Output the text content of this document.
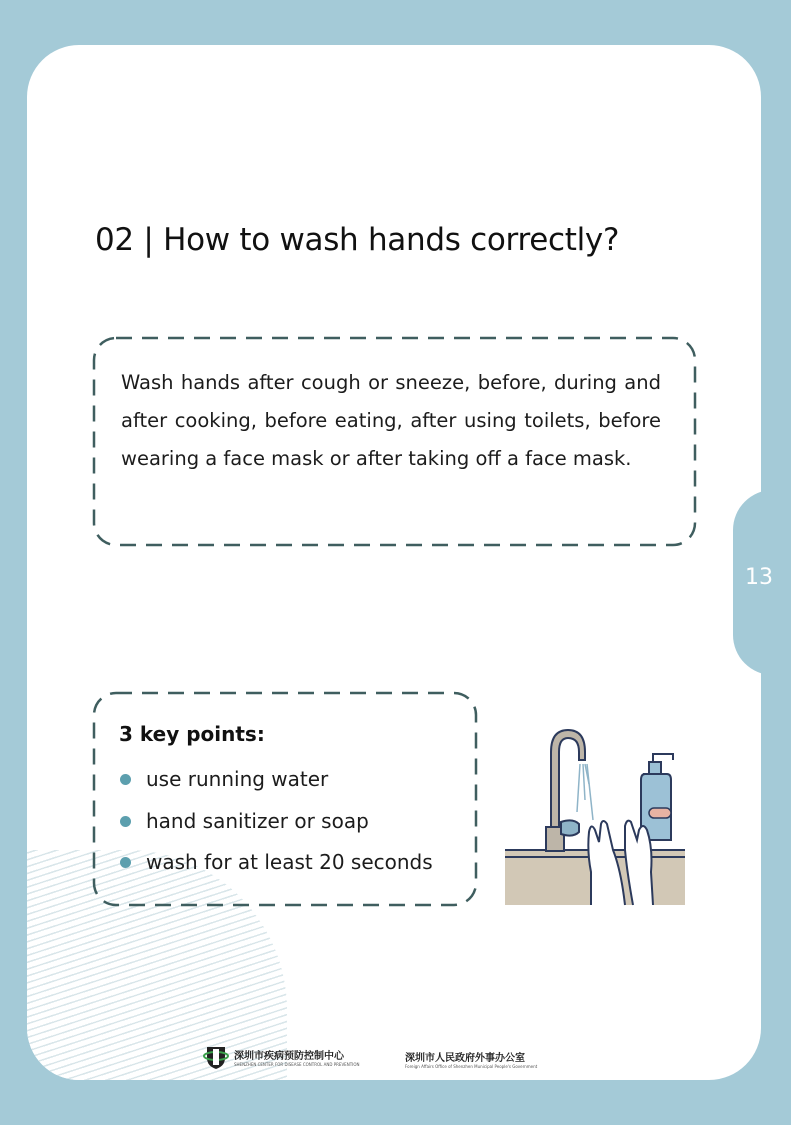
13
02 | How to wash hands correctly?
Wash hands after cough or sneeze, before, during and after cooking, before eating, after using toilets, before wearing a face mask or after taking off a face mask.
3 key points:
use running water
hand sanitizer or soap
wash for at least 20 seconds
深圳市疾病预防控制中心
SHENZHEN CENTER FOR DISEASE CONTROL AND PREVENTION
深圳市人民政府外事办公室
Foreign Affairs Office of Shenzhen Municipal People's Government
